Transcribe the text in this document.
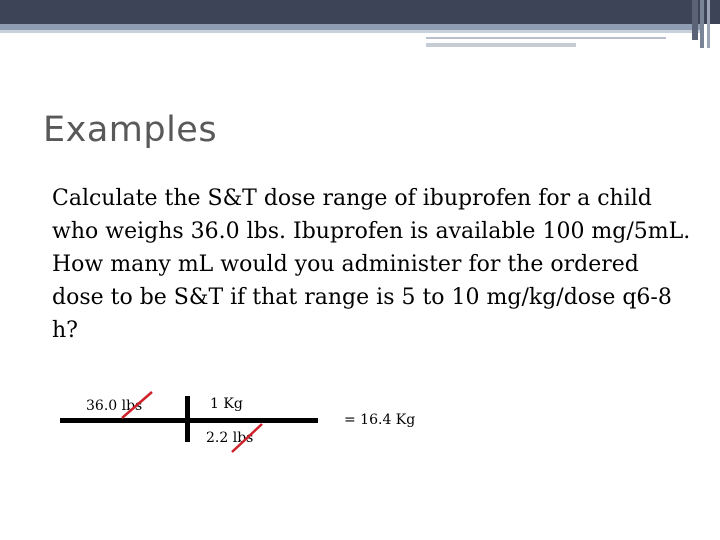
Examples

Calculate the S&T dose range of ibuprofen for a child who weighs 36.0 lbs. Ibuprofen is available 100 mg/5mL. How many mL would you administer for the ordered dose to be S&T if that range is 5 to 10 mg/kg/dose q6-8 h?

36.0 lbs	1 Kg
2.2 lbs
= 16.4 Kg
